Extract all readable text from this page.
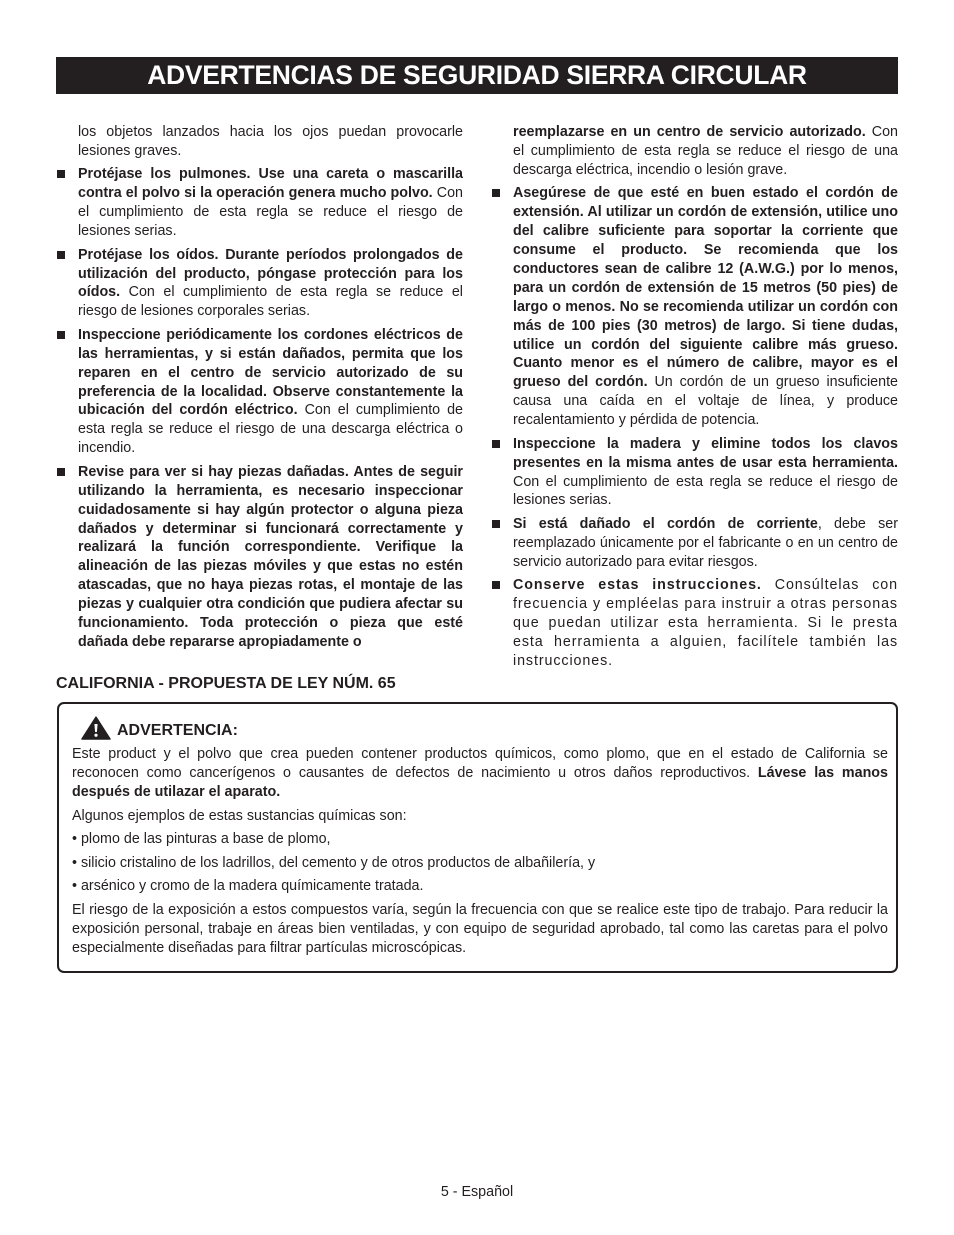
ADVERTENCIAS DE SEGURIDAD SIERRA CIRCULAR

los objetos lanzados hacia los ojos puedan provocarle lesiones graves.

Protéjase los pulmones. Use una careta o mascarilla contra el polvo si la operación genera mucho polvo. Con el cumplimiento de esta regla se reduce el riesgo de lesiones serias.

Protéjase los oídos. Durante períodos prolongados de utilización del producto, póngase protección para los oídos. Con el cumplimiento de esta regla se reduce el riesgo de lesiones corporales serias.

Inspeccione periódicamente los cordones eléctricos de las herramientas, y si están dañados, permita que los reparen en el centro de servicio autorizado de su preferencia de la localidad. Observe constantemente la ubicación del cordón eléctrico. Con el cumplimiento de esta regla se reduce el riesgo de una descarga eléctrica o incendio.

Revise para ver si hay piezas dañadas. Antes de seguir utilizando la herramienta, es necesario inspeccionar cuidadosamente si hay algún protector o alguna pieza dañados y determinar si funcionará correctamente y realizará la función correspondiente. Verifique la alineación de las piezas móviles y que estas no estén atascadas, que no haya piezas rotas, el montaje de las piezas y cualquier otra condición que pudiera afectar su funcionamiento. Toda protección o pieza que esté dañada debe repararse apropiadamente o

reemplazarse en un centro de servicio autorizado. Con el cumplimiento de esta regla se reduce el riesgo de una descarga eléctrica, incendio o lesión grave.

Asegúrese de que esté en buen estado el cordón de extensión. Al utilizar un cordón de extensión, utilice uno del calibre suficiente para soportar la corriente que consume el producto. Se recomienda que los conductores sean de calibre 12 (A.W.G.) por lo menos, para un cordón de extensión de 15 metros (50 pies) de largo o menos. No se recomienda utilizar un cordón con más de 100 pies (30 metros) de largo. Si tiene dudas, utilice un cordón del siguiente calibre más grueso. Cuanto menor es el número de calibre, mayor es el grueso del cordón. Un cordón de un grueso insuficiente causa una caída en el voltaje de línea, y produce recalentamiento y pérdida de potencia.

Inspeccione la madera y elimine todos los clavos presentes en la misma antes de usar esta herramienta. Con el cumplimiento de esta regla se reduce el riesgo de lesiones serias.

Si está dañado el cordón de corriente, debe ser reemplazado únicamente por el fabricante o en un centro de servicio autorizado para evitar riesgos.

Conserve estas instrucciones. Consúltelas con frecuencia y empléelas para instruir a otras personas que puedan utilizar esta herramienta. Si le presta esta herramienta a alguien, facilítele también las instrucciones.

CALIFORNIA - PROPUESTA DE LEY NÚM. 65
ADVERTENCIA:

Este product y el polvo que crea pueden contener productos químicos, como plomo, que en el estado de California se reconocen como cancerígenos o causantes de defectos de nacimiento u otros daños reproductivos. Lávese las manos después de utilazar el aparato.

Algunos ejemplos de estas sustancias químicas son:

• plomo de las pinturas a base de plomo,

• silicio cristalino de los ladrillos, del cemento y de otros productos de albañilería, y

• arsénico y cromo de la madera químicamente tratada.

El riesgo de la exposición a estos compuestos varía, según la frecuencia con que se realice este tipo de trabajo. Para reducir la exposición personal, trabaje en áreas bien ventiladas, y con equipo de seguridad aprobado, tal como las caretas para el polvo especialmente diseñadas para filtrar partículas microscópicas.

5 - Español
